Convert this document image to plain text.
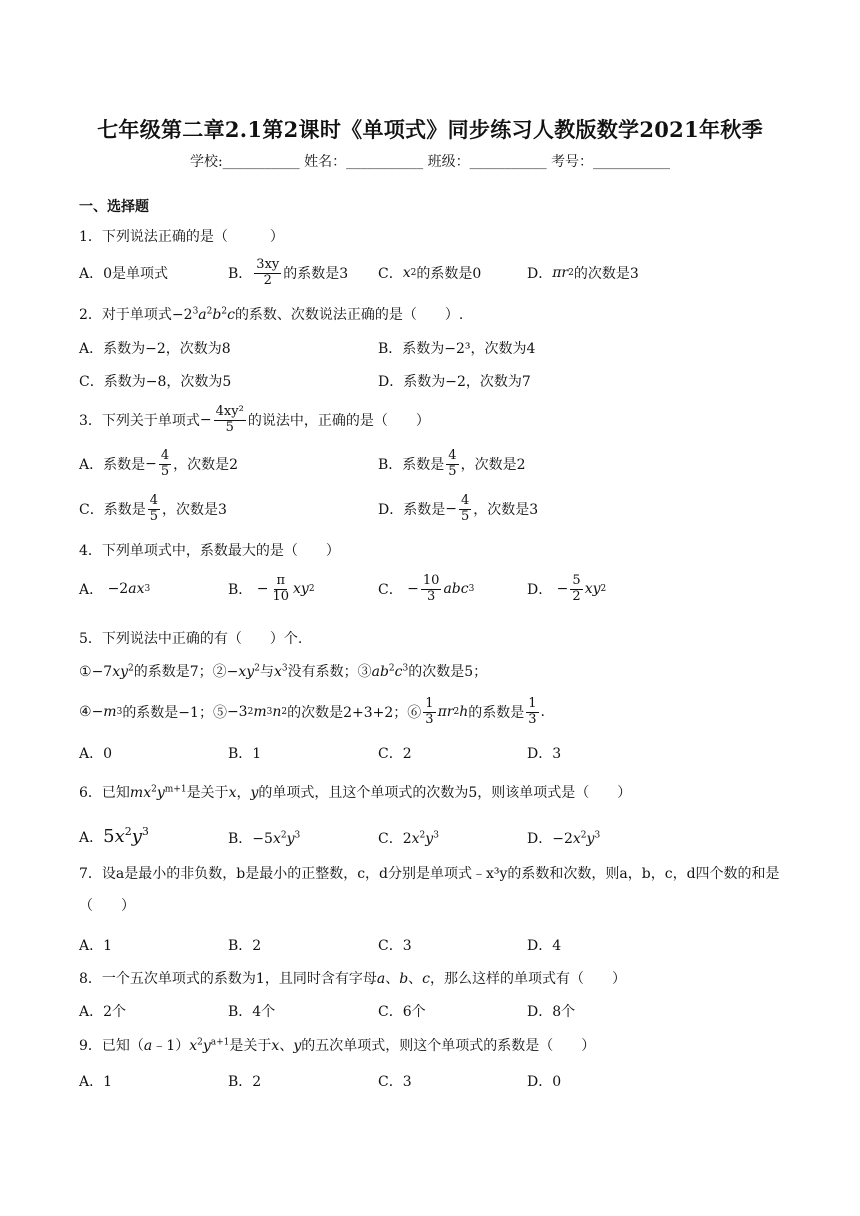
七年级第二章2.1第2课时《单项式》同步练习人教版数学2021年秋季
学校:___________ 姓名：___________ 班级：___________ 考号：___________
一、选择题
1．下列说法正确的是（　　　）
A．0是单项式	B． $\frac{3xy}{2}$ 的系数是3 C． x 2 的系数是0	D． πr 2 的次数是3
2．对于单项式$-2^3a^2b^2c$的系数、次数说法正确的是（　　）.
A．系数为−2，次数为8	B．系数为−2³，次数为4
C．系数为−8，次数为5	D．系数为−2，次数为7
3．下列关于单项式 − $\frac{\text{4xy²}}{5}$ 的说法中，正确的是（　　）
A．系数是 − $\frac{4}{5}$ ，次数是2	B．系数是 $\frac{4}{5}$ ，次数是2
C．系数是 $\frac{4}{5}$ ，次数是3	D．系数是 − $\frac{4}{5}$ ，次数是3
4．下列单项式中，系数最大的是（　　）
A． −2 ax 3	B． − $\frac{\pi}{10}$ xy 2	C． − $\frac{10}{3}$ abc 3	D． − $\frac{5}{2}$ xy 2
5．下列说法中正确的有（　　）个.
$①-7xy^2$的系数是7；$②-xy^2$与$x^3$没有系数；$③ab^2c^3$的次数是5；
④ − m 3 的系数是−1；⑤ −3 2 m 3 n 2 的次数是2+3+2；⑥ $\frac{1}{3}$ πr 2 h 的系数是 $\frac{1}{3}$ .
A．0	B．1	C．2	D．3
6．已知$mx^2y^{m+1}$是关于x，y的单项式，且这个单项式的次数为5，则该单项式是（　　）
A．$5x^2y^3$	B．$-5x^2y^3$	C．$2x^2y^3$	D．$-2x^2y^3$
7．设a是最小的非负数，b是最小的正整数，c，d分别是单项式﹣x³y的系数和次数，则a，b，c，d四个数的和是（　　）
A．1	B．2	C．3	D．4
8．一个五次单项式的系数为1，且同时含有字母a、b、c，那么这样的单项式有（　　）
A．2个	B．4个	C．6个	D．8个
9．已知$(a﹣1)x^2y^{a+1}$是关于x、y的五次单项式，则这个单项式的系数是（　　）
A．1	B．2	C．3	D．0
